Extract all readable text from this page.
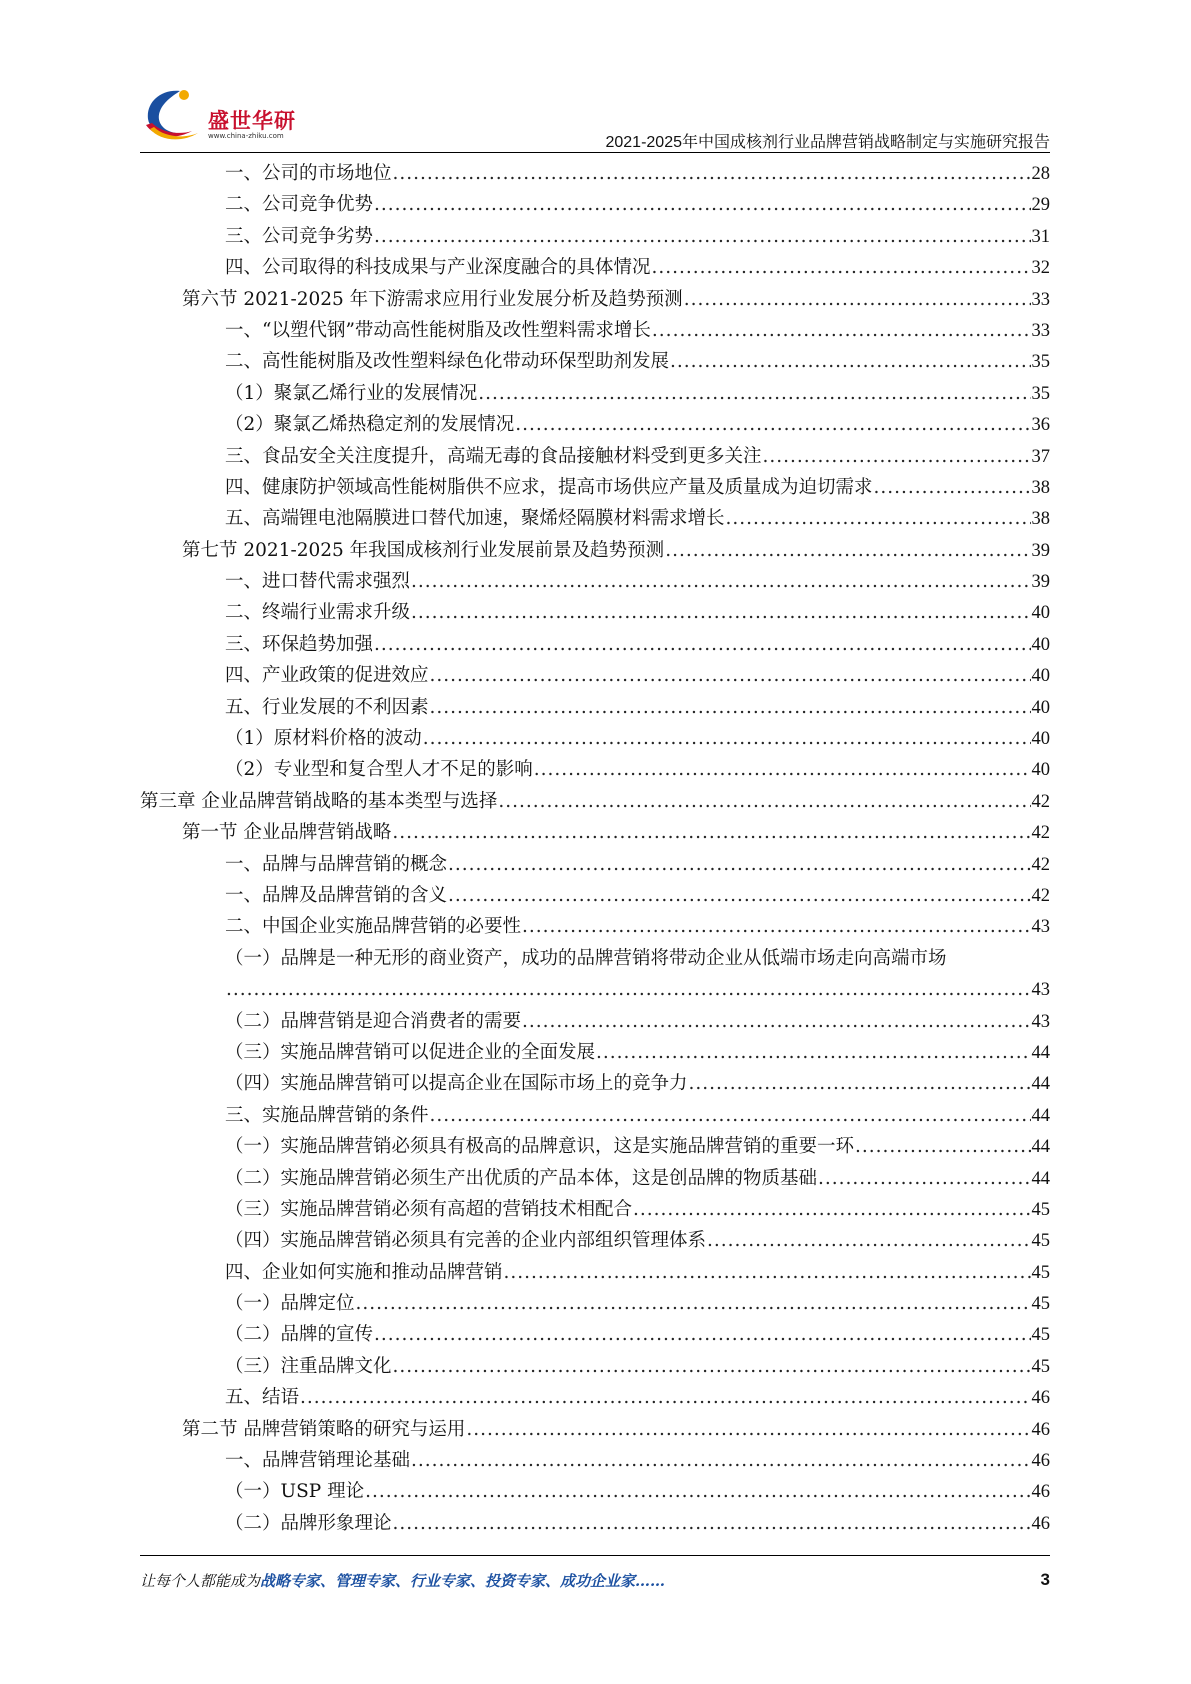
盛世华研
www.china-zhiku.com	2021-2025年中国成核剂行业品牌营销战略制定与实施研究报告
一、公司的市场地位 .....	28
二、公司竞争优势 .....	29
三、公司竞争劣势 .....	31
四、公司取得的科技成果与产业深度融合的具体情况 .....	32
第六节 2021-2025 年下游需求应用行业发展分析及趋势预测 .....	33
一、“以塑代钢”带动高性能树脂及改性塑料需求增长 .....	33
二、高性能树脂及改性塑料绿色化带动环保型助剂发展 .....	35
（1）聚氯乙烯行业的发展情况 .....	35
（2）聚氯乙烯热稳定剂的发展情况 .....	36
三、食品安全关注度提升，高端无毒的食品接触材料受到更多关注 .....	37
四、健康防护领域高性能树脂供不应求，提高市场供应产量及质量成为迫切需求 .....	38
五、高端锂电池隔膜进口替代加速，聚烯烃隔膜材料需求增长 .....	38
第七节 2021-2025 年我国成核剂行业发展前景及趋势预测 .....	39
一、进口替代需求强烈 .....	39
二、终端行业需求升级 .....	40
三、环保趋势加强 .....	40
四、产业政策的促进效应 .....	40
五、行业发展的不利因素 .....	40
（1）原材料价格的波动 .....	40
（2）专业型和复合型人才不足的影响 .....	40
第三章 企业品牌营销战略的基本类型与选择 .....	42
第一节 企业品牌营销战略 .....	42
一、品牌与品牌营销的概念 .....	42
一、品牌及品牌营销的含义 .....	42
二、中国企业实施品牌营销的必要性 .....	43
（一）品牌是一种无形的商业资产，成功的品牌营销将带动企业从低端市场走向高端市场
.....
43
（二）品牌营销是迎合消费者的需要 .....	43
（三）实施品牌营销可以促进企业的全面发展 .....	44
（四）实施品牌营销可以提高企业在国际市场上的竞争力 .....	44
三、实施品牌营销的条件 .....	44
（一）实施品牌营销必须具有极高的品牌意识，这是实施品牌营销的重要一环 .....	44
（二）实施品牌营销必须生产出优质的产品本体，这是创品牌的物质基础 .....	44
（三）实施品牌营销必须有高超的营销技术相配合 .....	45
（四）实施品牌营销必须具有完善的企业内部组织管理体系 .....	45
四、企业如何实施和推动品牌营销 .....	45
（一）品牌定位 .....	45
（二）品牌的宣传 .....	45
（三）注重品牌文化 .....	45
五、结语 .....	46
第二节 品牌营销策略的研究与运用 .....	46
一、品牌营销理论基础 .....	46
（一）USP 理论 .....	46
（二）品牌形象理论 .....	46
让每个人都能成为战略专家、管理专家、行业专家、投资专家、成功企业家……	3
